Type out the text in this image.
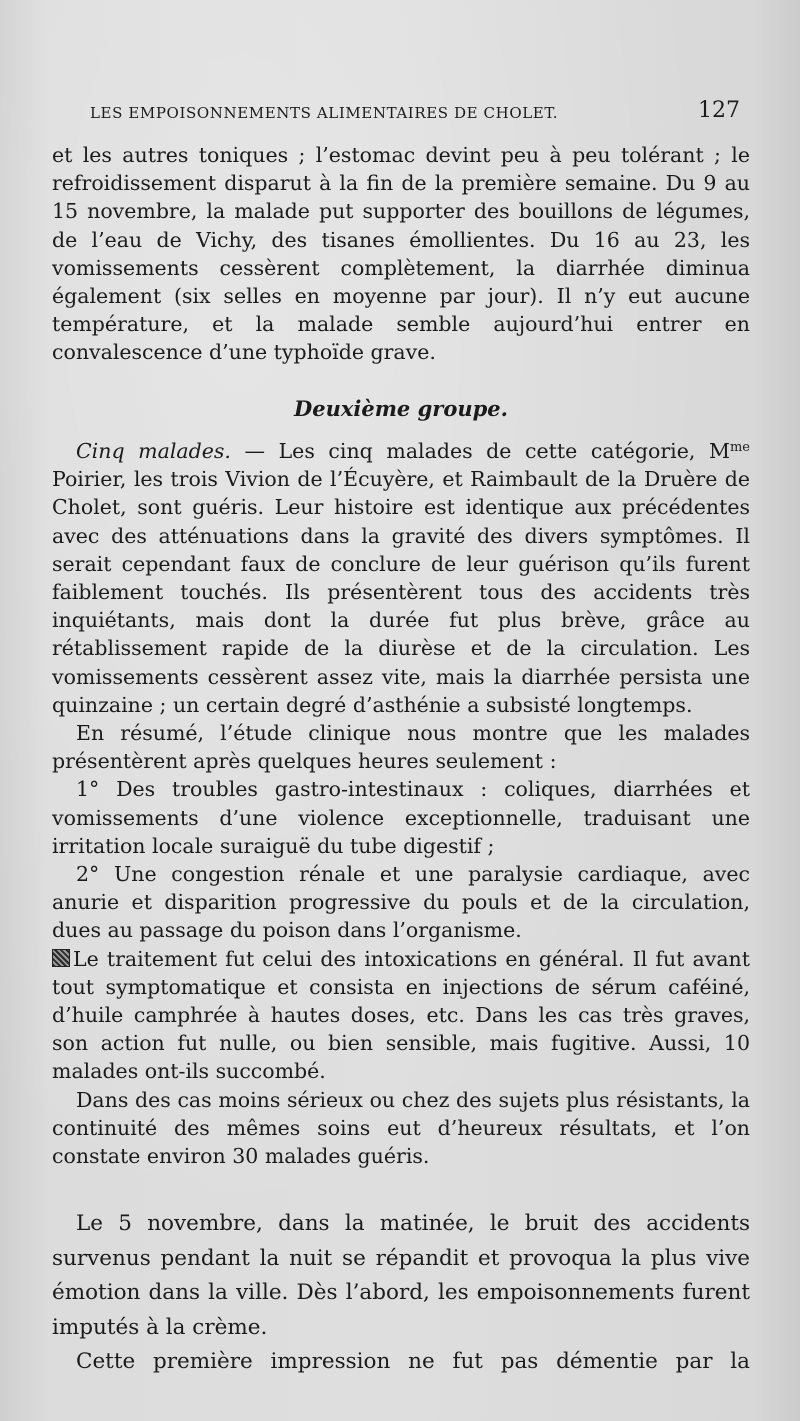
LES EMPOISONNEMENTS ALIMENTAIRES DE CHOLET.	127

et les autres toniques ; l’estomac devint peu à peu tolérant ; le refroidissement disparut à la fin de la première semaine. Du 9 au 15 novembre, la malade put supporter des bouillons de légumes, de l’eau de Vichy, des tisanes émollientes. Du 16 au 23, les vomissements cessèrent complètement, la diarrhée diminua également (six selles en moyenne par jour). Il n’y eut aucune température, et la malade semble aujourd’hui entrer en convalescence d’une typhoïde grave.

Deuxième groupe.

Cinq malades. — Les cinq malades de cette catégorie, $M^{me}$ Poirier, les trois Vivion de l’Écuyère, et Raimbault de la Druère de Cholet, sont guéris. Leur histoire est identique aux précédentes avec des atténuations dans la gravité des divers symptômes. Il serait cependant faux de conclure de leur guérison qu’ils furent faiblement touchés. Ils présentèrent tous des accidents très inquiétants, mais dont la durée fut plus brève, grâce au rétablissement rapide de la diurèse et de la circulation. Les vomissements cessèrent assez vite, mais la diarrhée persista une quinzaine ; un certain degré d’asthénie a subsisté longtemps.

En résumé, l’étude clinique nous montre que les malades présentèrent après quelques heures seulement :

1° Des troubles gastro-intestinaux : coliques, diarrhées et vomissements d’une violence exceptionnelle, traduisant une irritation locale suraiguë du tube digestif ;

2° Une congestion rénale et une paralysie cardiaque, avec anurie et disparition progressive du pouls et de la circulation, dues au passage du poison dans l’organisme.

Le traitement fut celui des intoxications en général. Il fut avant tout symptomatique et consista en injections de sérum caféiné, d’huile camphrée à hautes doses, etc. Dans les cas très graves, son action fut nulle, ou bien sensible, mais fugitive. Aussi, 10 malades ont-ils succombé.

Dans des cas moins sérieux ou chez des sujets plus résistants, la continuité des mêmes soins eut d’heureux résultats, et l’on constate environ 30 malades guéris.

Le 5 novembre, dans la matinée, le bruit des accidents survenus pendant la nuit se répandit et provoqua la plus vive émotion dans la ville. Dès l’abord, les empoisonnements furent imputés à la crème.

Cette première impression ne fut pas démentie par la
